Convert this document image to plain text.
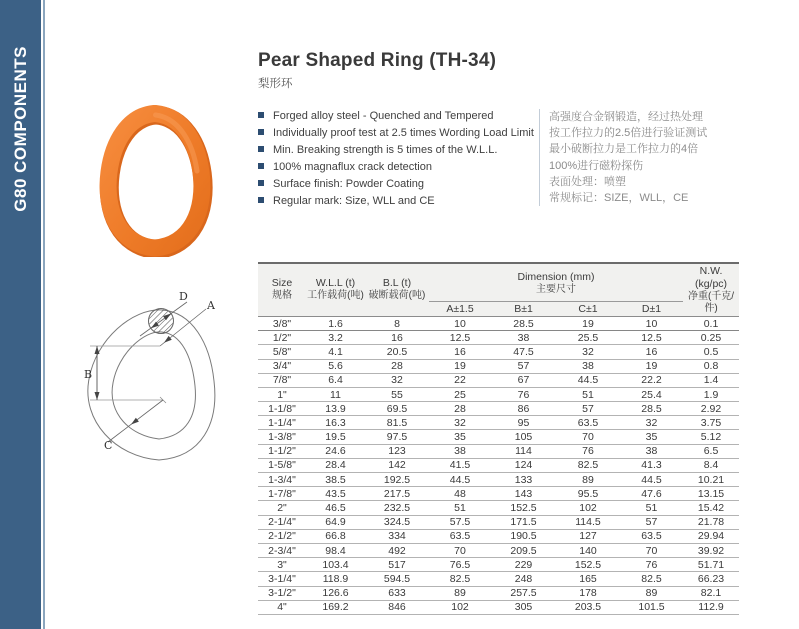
G80 COMPONENTS	Pear Shaped Ring (TH-34)
梨形环
Forged alloy steel - Quenched and Tempered
Individually proof test at 2.5 times Wording Load Limit
Min. Breaking strength is 5 times of the W.L.L.
100% magnaflux crack detection
Surface finish: Powder Coating
Regular mark: Size, WLL and CE
高强度合金钢锻造，经过热处理
按工作拉力的2.5倍进行验证测试
最小破断拉力是工作拉力的4倍
100%进行磁粉探伤
表面处理：喷塑
常规标记：SIZE，WLL，CE
D
A
B
C
Size
规格	W.L.L (t)
工作载荷(吨)	B.L (t)
破断载荷(吨)	Dimension (mm)
主要尺寸				N.W. (kg/pc)
净重(千克/件)

			A±1.5	B±1	C±1	D±1	
3/8"	1.6	8	10	28.5	19	10	0.1
1/2"	3.2	16	12.5	38	25.5	12.5	0.25
5/8"	4.1	20.5	16	47.5	32	16	0.5
3/4"	5.6	28	19	57	38	19	0.8
7/8"	6.4	32	22	67	44.5	22.2	1.4
1"	11	55	25	76	51	25.4	1.9
1-1/8"	13.9	69.5	28	86	57	28.5	2.92
1-1/4"	16.3	81.5	32	95	63.5	32	3.75
1-3/8"	19.5	97.5	35	105	70	35	5.12
1-1/2"	24.6	123	38	114	76	38	6.5
1-5/8"	28.4	142	41.5	124	82.5	41.3	8.4
1-3/4"	38.5	192.5	44.5	133	89	44.5	10.21
1-7/8"	43.5	217.5	48	143	95.5	47.6	13.15
2"	46.5	232.5	51	152.5	102	51	15.42
2-1/4"	64.9	324.5	57.5	171.5	114.5	57	21.78
2-1/2"	66.8	334	63.5	190.5	127	63.5	29.94
2-3/4"	98.4	492	70	209.5	140	70	39.92
3"	103.4	517	76.5	229	152.5	76	51.71
3-1/4"	118.9	594.5	82.5	248	165	82.5	66.23
3-1/2"	126.6	633	89	257.5	178	89	82.1
4"	169.2	846	102	305	203.5	101.5	112.9
